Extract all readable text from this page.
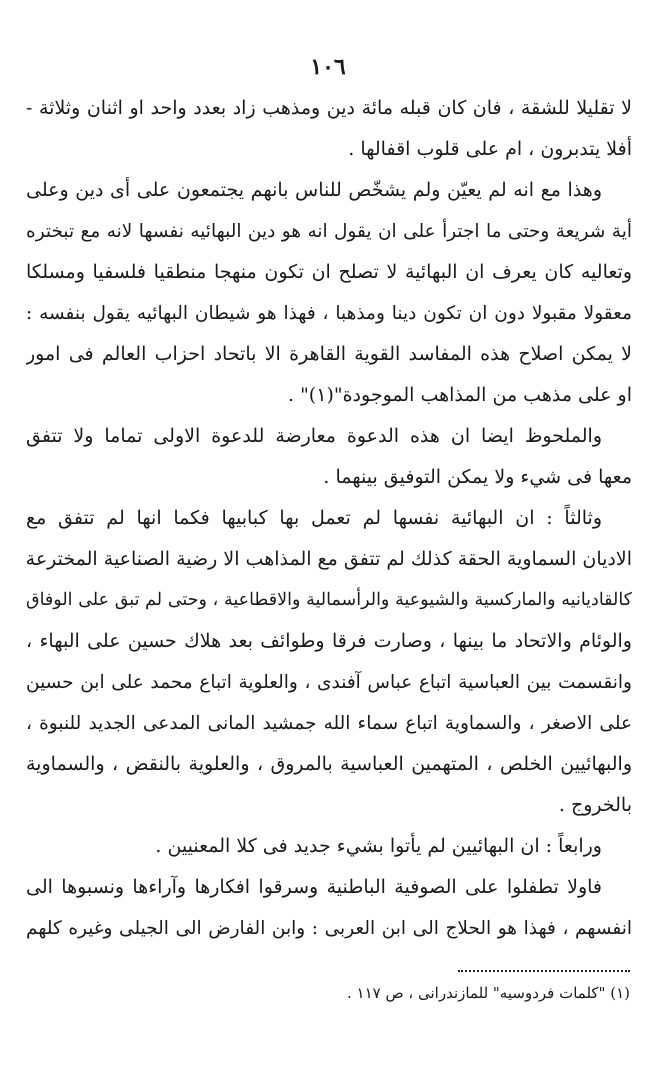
١٠٦
لا تقليلا للشقة ، فان كان قبله مائة دين ومذهب زاد بعدد واحد او اثنان وثلاثة -
أفلا يتدبرون ، ام على قلوب اقفالها .
وهذا مع انه لم يعيّن ولم يشخّص للناس بانهم يجتمعون على أى دين وعلى
أية شريعة وحتى ما اجترأ على ان يقول انه هو دين البهائيه نفسها لانه مع تبختره
وتعاليه كان يعرف ان البهائية لا تصلح ان تكون منهجا منطقيا فلسفيا ومسلكا
معقولا مقبولا دون ان تكون دينا ومذهبا ، فهذا هو شيطان البهائيه يقول بنفسه :
لا يمكن اصلاح هذه المفاسد القوية القاهرة الا باتحاد احزاب العالم فى امور
او على مذهب من المذاهب الموجودة"(١)" .
والملحوظ ايضا ان هذه الدعوة معارضة للدعوة الاولى تماما ولا تتفق
معها فى شيء ولا يمكن التوفيق بينهما .
وثالثاً : ان البهائية نفسها لم تعمل بها كبابيها فكما انها لم تتفق مع
الاديان السماوية الحقة كذلك لم تتفق مع المذاهب الا رضية الصناعية المخترعة
كالقاديانيه والماركسية والشيوعية والرأسمالية والاقطاعية ، وحتى لم تبق على الوفاق
والوئام والاتحاد ما بينها ، وصارت فرقا وطوائف بعد هلاك حسين على البهاء ،
وانقسمت بين العباسية اتباع عباس آفندى ، والعلوية اتباع محمد على ابن حسين
على الاصغر ، والسماوية اتباع سماء الله جمشيد المانى المدعى الجديد للنبوة ،
والبهائيين الخلص ، المتهمين العباسية بالمروق ، والعلوية بالنقض ، والسماوية
بالخروج .
ورابعاً : ان البهائيين لم يأتوا بشيء جديد فى كلا المعنيين .
فاولا تطفلوا على الصوفية الباطنية وسرقوا افكارها وآراءها ونسبوها الى
انفسهم ، فهذا هو الحلاج الى ابن العربى : وابن الفارض الى الجيلى وغيره كلهم
(١) "كلمات فردوسيه" للمازندرانى ، ص ١١٧ .
